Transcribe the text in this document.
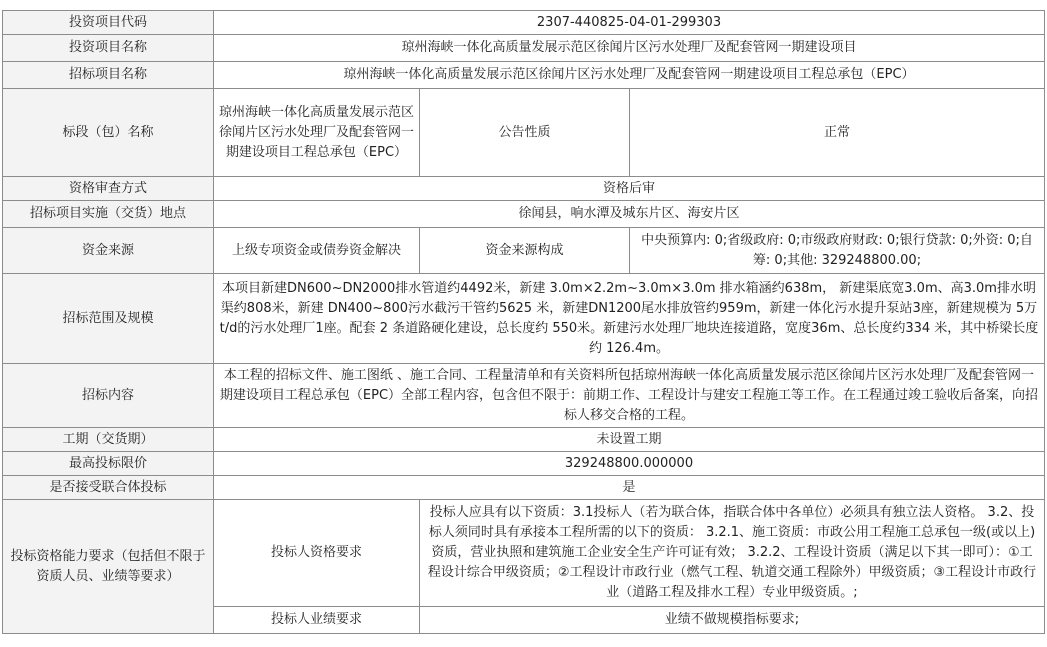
投资项目代码	2307-440825-04-01-299303		
投资项目名称	琼州海峡一体化高质量发展示范区徐闻片区污水处理厂及配套管网一期建设项目		
招标项目名称	琼州海峡一体化高质量发展示范区徐闻片区污水处理厂及配套管网一期建设项目工程总承包（EPC）		
标段（包）名称	琼州海峡一体化高质量发展示范区徐闻片区污水处理厂及配套管网一期建设项目工程总承包（EPC）	公告性质	正常
资格审查方式	资格后审		
招标项目实施（交货）地点	徐闻县，响水潭及城东片区、海安片区		
资金来源	上级专项资金或债券资金解决	资金来源构成	中央预算内: 0;省级政府: 0;市级政府财政: 0;银行贷款: 0;外资: 0;自筹: 0;其他: 329248800.00;
招标范围及规模	本项目新建DN600~DN2000排水管道约4492米，新建 3.0m×2.2m~3.0m×3.0m 排水箱涵约638m， 新建渠底宽3.0m、高3.0m排水明渠约808米，新建 DN400~800污水截污干管约5625 米，新建DN1200尾水排放管约959m，新建一体化污水提升泵站3座，新建规模为 5万 t/d的污水处理厂1座。配套 2 条道路硬化建设，总长度约 550米。新建污水处理厂地块连接道路，宽度36m、总长度约334 米，其中桥梁长度约 126.4m。		
招标内容	本工程的招标文件、施工图纸 、施工合同、工程量清单和有关资料所包括琼州海峡一体化高质量发展示范区徐闻片区污水处理厂及配套管网一期建设项目工程总承包（EPC）全部工程内容，包含但不限于：前期工作、工程设计与建安工程施工等工作。在工程通过竣工验收后备案，向招标人移交合格的工程。		
工期（交货期）	未设置工期		
最高投标限价	329248800.000000		
是否接受联合体投标	是		
投标资格能力要求（包括但不限于资质人员、业绩等要求）	投标人资格要求	投标人应具有以下资质：3.1投标人（若为联合体，指联合体中各单位）必须具有独立法人资格。 3.2、投标人须同时具有承接本工程所需的以下的资质： 3.2.1、施工资质：市政公用工程施工总承包一级(或以上)资质，营业执照和建筑施工企业安全生产许可证有效； 3.2.2、工程设计资质（满足以下其一即可）：①工程设计综合甲级资质；②工程设计市政行业（燃气工程、轨道交通工程除外）甲级资质；③工程设计市政行业（道路工程及排水工程）专业甲级资质。;	
	投标人业绩要求	业绩不做规模指标要求;	
